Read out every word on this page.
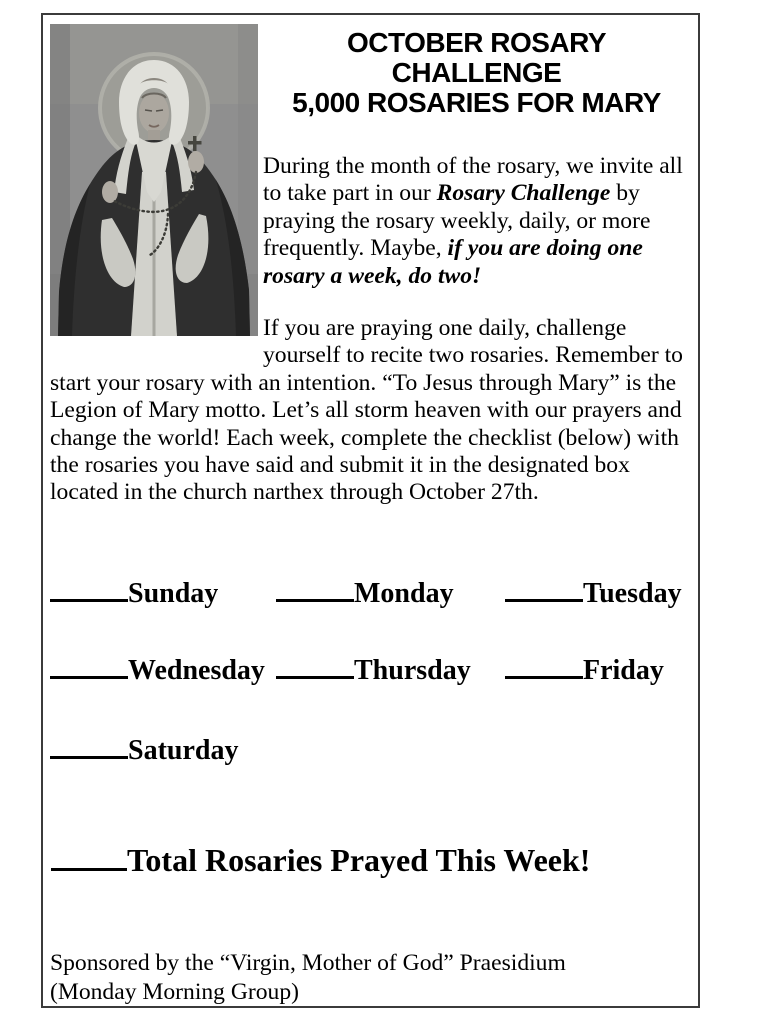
OCTOBER ROSARY CHALLENGE
5,000 ROSARIES FOR MARY

During the month of the rosary, we invite all to take part in our Rosary Challenge by praying the rosary weekly, daily, or more frequently. Maybe, if you are doing one rosary a week, do two!

If you are praying one daily, challenge yourself to recite two rosaries. Remember to start your rosary with an intention. “To Jesus through Mary” is the Legion of Mary motto. Let’s all storm heaven with our prayers and change the world! Each week, complete the checklist (below) with the rosaries you have said and submit it in the designated box located in the church narthex through October 27th.

Sunday	Monday	Tuesday
Wednesday	Thursday	Friday
Saturday
Total Rosaries Prayed This Week!
Sponsored by the “Virgin, Mother of God” Praesidium
(Monday Morning Group)
